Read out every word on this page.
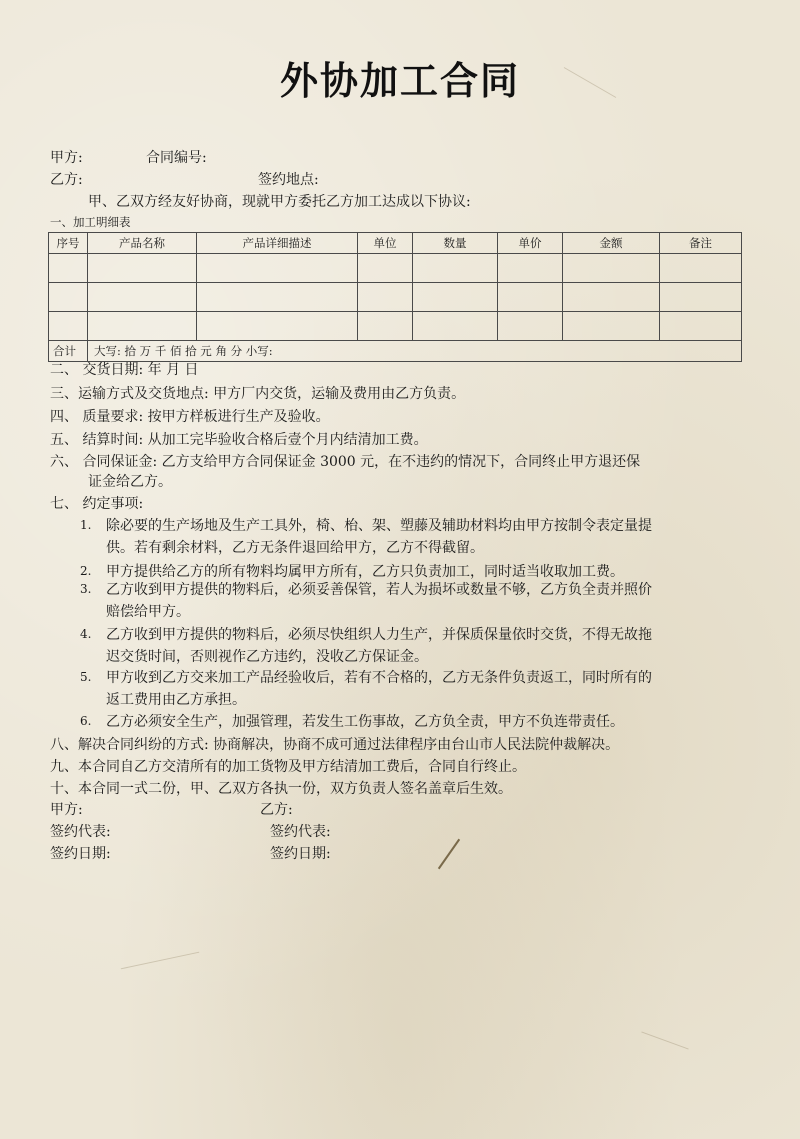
外协加工合同
甲方:	合同编号:
乙方:	签约地点:
甲、乙双方经友好协商，现就甲方委托乙方加工达成以下协议:
一、加工明细表
序号	产品名称	产品详细描述	单位	数量	单价	金额	备注

合计	大写: 拾 万 千 佰 拾 元 角 分 小写:						
二、 交货日期: 年 月 日
三、运输方式及交货地点: 甲方厂内交货，运输及费用由乙方负责。
四、 质量要求: 按甲方样板进行生产及验收。
五、 结算时间: 从加工完毕验收合格后壹个月内结清加工费。
六、 合同保证金: 乙方支给甲方合同保证金 3000 元，在不违约的情况下，合同终止甲方退还保
证金给乙方。
七、 约定事项:
1. 除必要的生产场地及生产工具外，椅、枱、架、塑藤及辅助材料均由甲方按制令表定量提
供。若有剩余材料，乙方无条件退回给甲方，乙方不得截留。
2. 甲方提供给乙方的所有物料均属甲方所有，乙方只负责加工，同时适当收取加工费。
3. 乙方收到甲方提供的物料后，必须妥善保管，若人为损坏或数量不够，乙方负全责并照价
赔偿给甲方。
4. 乙方收到甲方提供的物料后，必须尽快组织人力生产，并保质保量依时交货，不得无故拖
迟交货时间，否则视作乙方违约，没收乙方保证金。
5. 甲方收到乙方交来加工产品经验收后，若有不合格的，乙方无条件负责返工，同时所有的
返工费用由乙方承担。
6. 乙方必须安全生产，加强管理，若发生工伤事故，乙方负全责，甲方不负连带责任。
八、解决合同纠纷的方式: 协商解决，协商不成可通过法律程序由台山市人民法院仲裁解决。
九、本合同自乙方交清所有的加工货物及甲方结清加工费后，合同自行终止。
十、本合同一式二份，甲、乙双方各执一份，双方负责人签名盖章后生效。
甲方:	乙方:
签约代表:	签约代表:
签约日期:	签约日期:
